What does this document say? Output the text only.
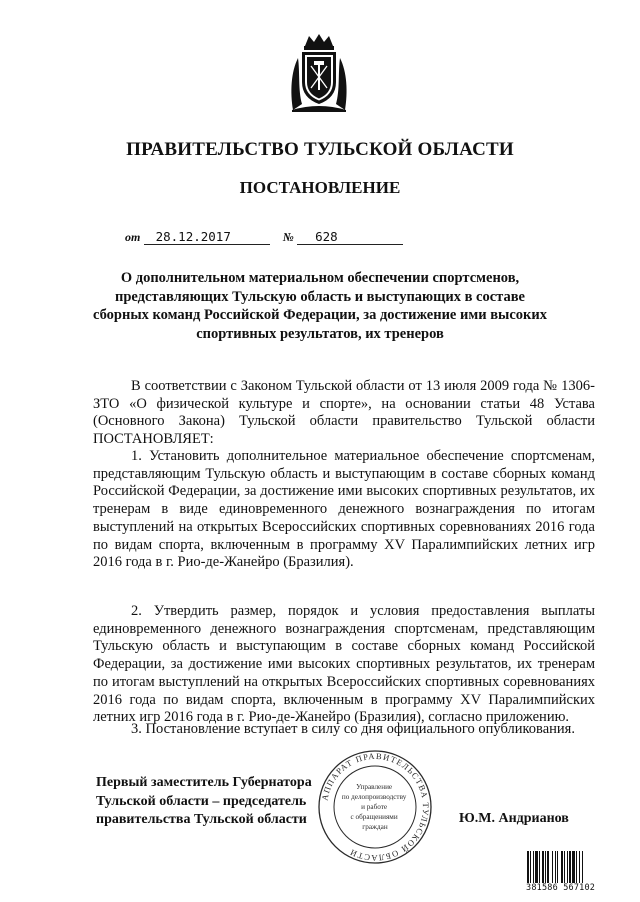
ПРАВИТЕЛЬСТВО ТУЛЬСКОЙ ОБЛАСТИ
ПОСТАНОВЛЕНИЕ
от 28.12.2017	№ 628
О дополнительном материальном обеспечении спортсменов, представляющих Тульскую область и выступающих в составе сборных команд Российской Федерации, за достижение ими высоких спортивных результатов, их тренеров
В соответствии с Законом Тульской области от 13 июля 2009 года № 1306-ЗТО «О физической культуре и спорте», на основании статьи 48 Устава (Основного Закона) Тульской области правительство Тульской области ПОСТАНОВЛЯЕТ:
1. Установить дополнительное материальное обеспечение спортсменам, представляющим Тульскую область и выступающим в составе сборных команд Российской Федерации, за достижение ими высоких спортивных результатов, их тренерам в виде единовременного денежного вознаграждения по итогам выступлений на открытых Всероссийских спортивных соревнованиях 2016 года по видам спорта, включенным в программу XV Паралимпийских летних игр 2016 года в г. Рио-де-Жанейро (Бразилия).
2. Утвердить размер, порядок и условия предоставления выплаты единовременного денежного вознаграждения спортсменам, представляющим Тульскую область и выступающим в составе сборных команд Российской Федерации, за достижение ими высоких спортивных результатов, их тренерам по итогам выступлений на открытых Всероссийских спортивных соревнованиях 2016 года по видам спорта, включенным в программу XV Паралимпийских летних игр 2016 года в г. Рио-де-Жанейро (Бразилия), согласно приложению.
3. Постановление вступает в силу со дня официального опубликования.
Первый заместитель Губернатора
Тульской области – председатель
правительства Тульской области	Ю.М. Андрианов
АППАРАТ ПРАВИТЕЛЬСТВА ТУЛЬСКОЙ ОБЛАСТИ
Управление по делопроизводству и работе с обращениями граждан
381586 567102
